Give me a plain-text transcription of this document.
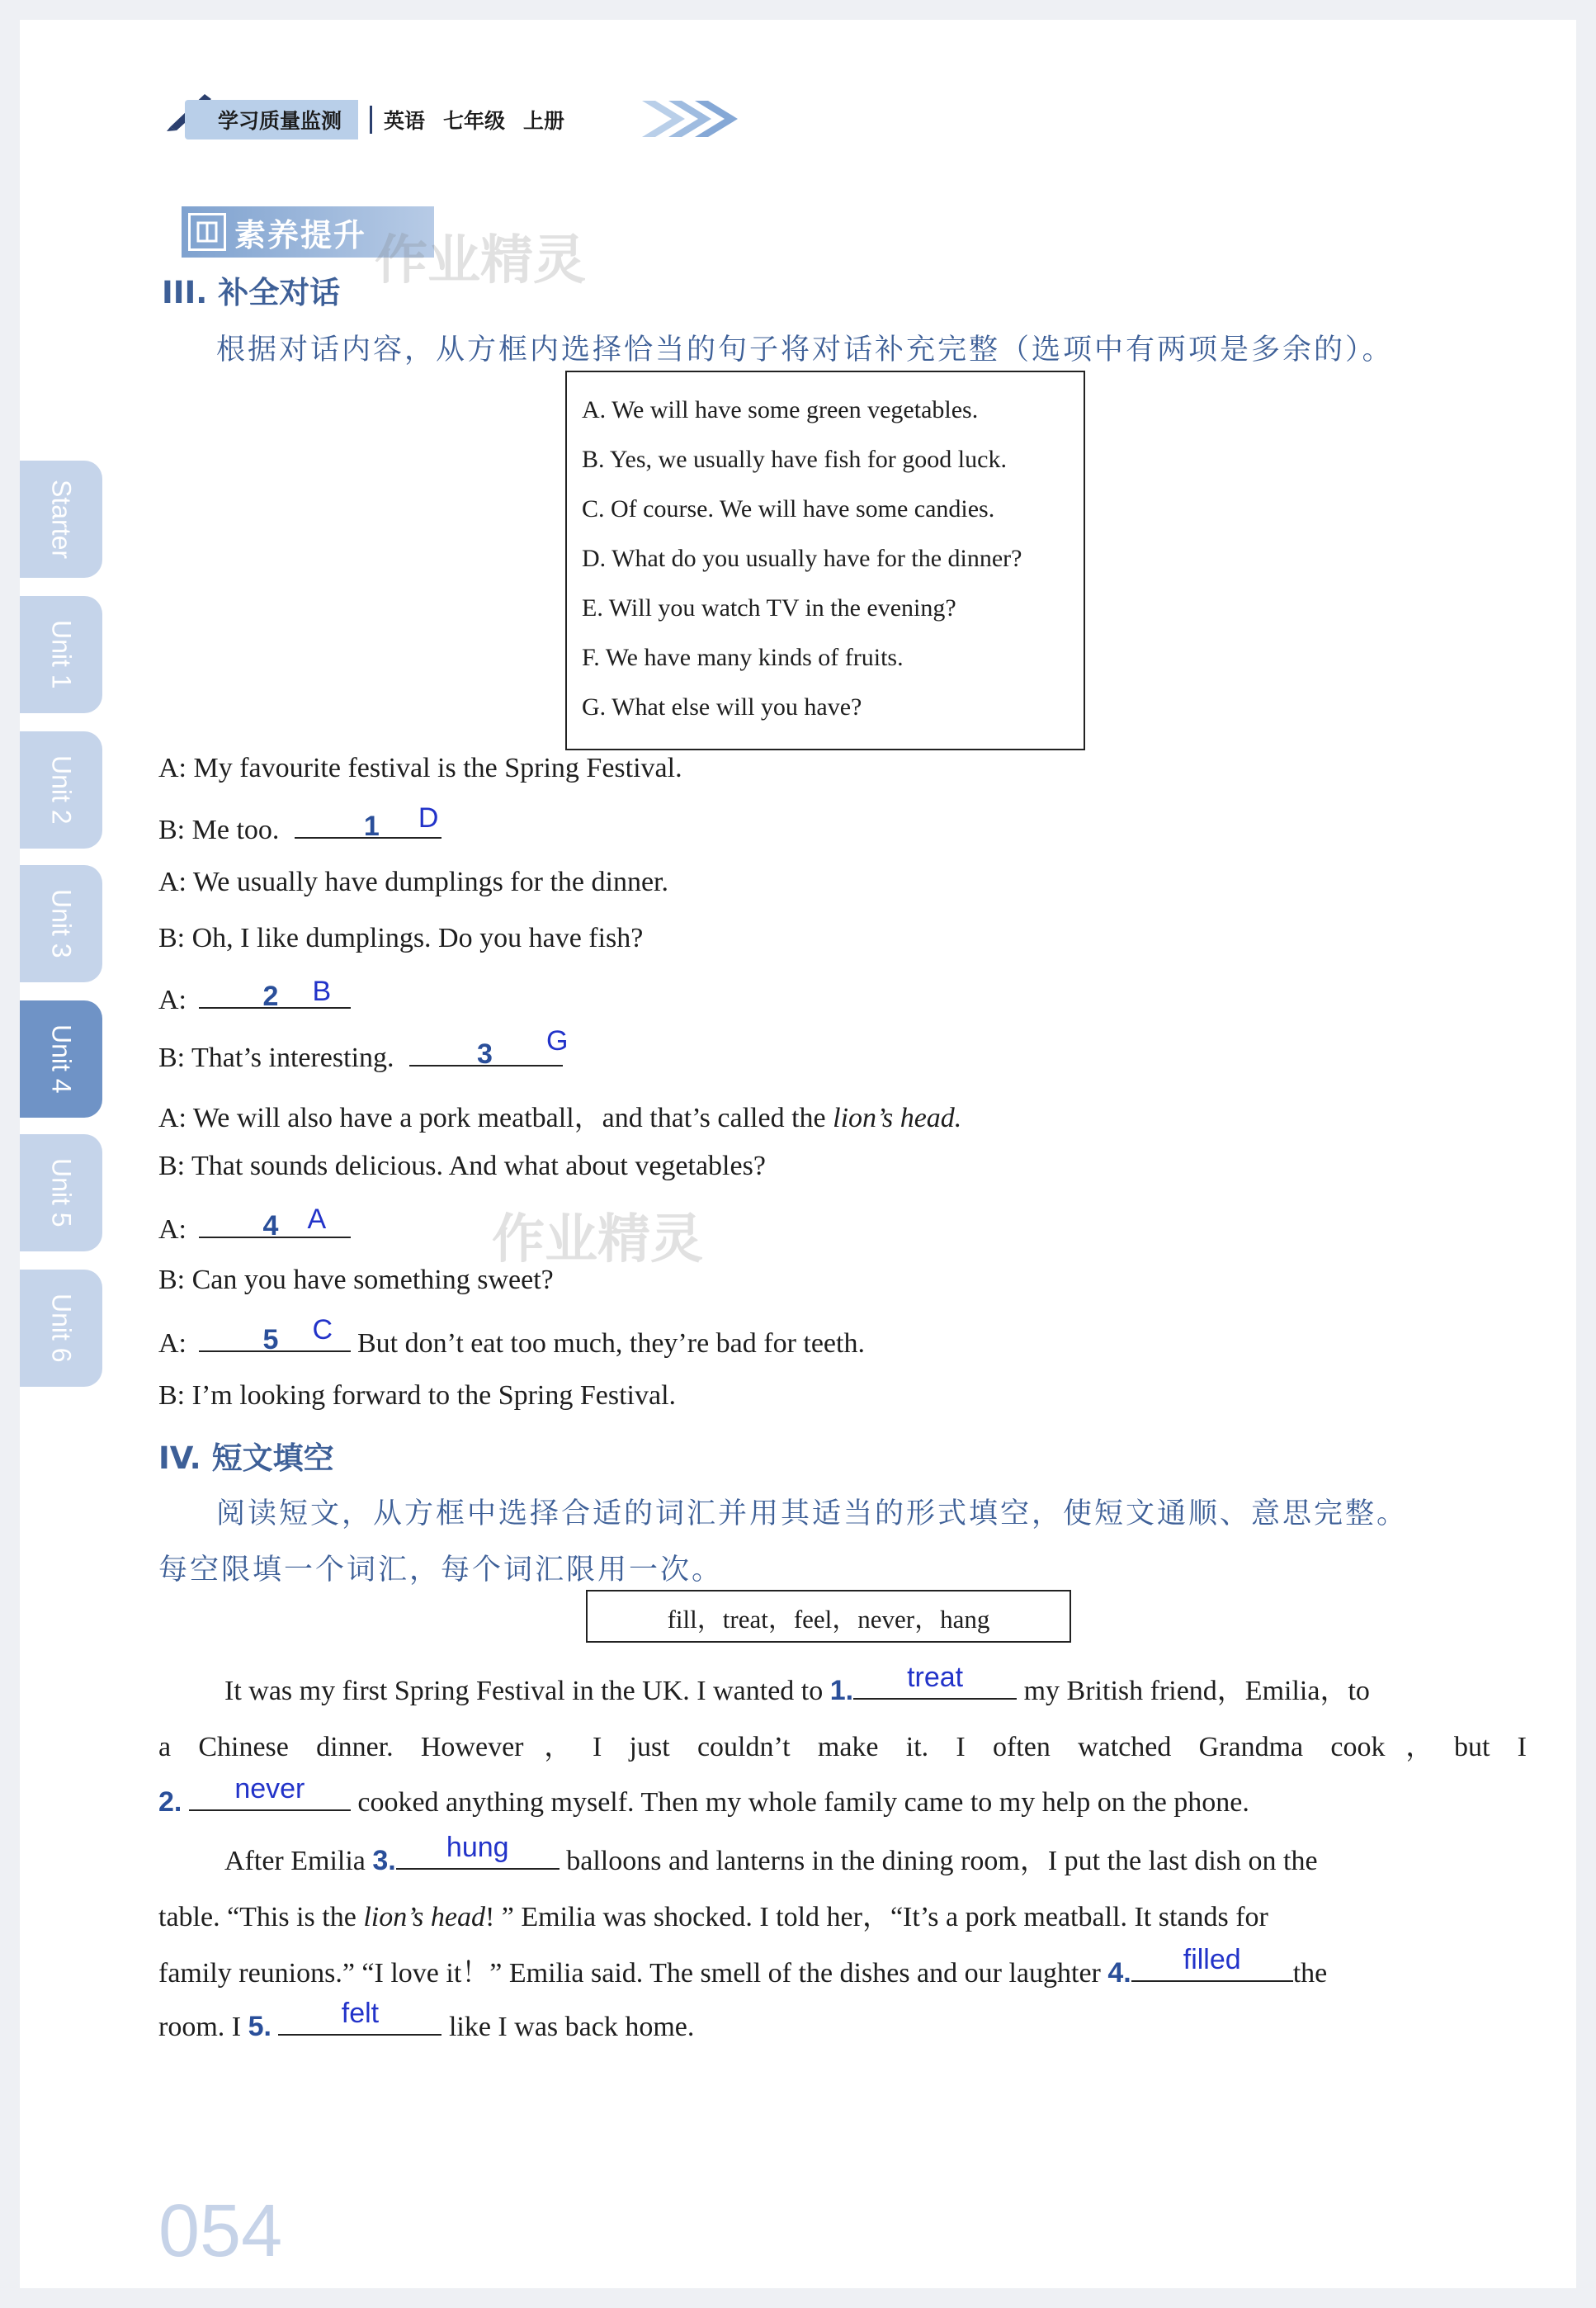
学习质量监测	英语 七年级 上册
素养提升 作业精灵
III. 补全对话
根据对话内容，从方框内选择恰当的句子将对话补充完整（选项中有两项是多余的）。
A. We will have some green vegetables.
B. Yes, we usually have fish for good luck.
C. Of course. We will have some candies.
D. What do you usually have for the dinner?
E. Will you watch TV in the evening?
F. We have many kinds of fruits.
G. What else will you have?
A: My favourite festival is the Spring Festival.
B: Me too.	1 D
A: We usually have dumplings for the dinner.
B: Oh, I like dumplings. Do you have fish?
A:	2 B
B: That’s interesting.	3 G
A: We will also have a pork meatball，and that’s called the lion’s head.
B: That sounds delicious. And what about vegetables?
作业精灵
A:	4 A
B: Can you have something sweet?
A:	5 C But don’t eat too much, they’re bad for teeth.
B: I’m looking forward to the Spring Festival.
IV. 短文填空
阅读短文，从方框中选择合适的词汇并用其适当的形式填空，使短文通顺、意思完整。
每空限填一个词汇，每个词汇限用一次。
fill，treat，feel，never，hang
It was my first Spring Festival in the UK. I wanted to 1.	treat	my British friend，Emilia，to
a Chinese dinner. However，I just couldn’t make it. I often watched Grandma cook，but I
2.	never	cooked anything myself. Then my whole family came to my help on the phone.
After Emilia 3.	hung	balloons and lanterns in the dining room，I put the last dish on the
table. “This is the lion’s head! ” Emilia was shocked. I told her，“It’s a pork meatball. It stands for
family reunions.” “I love it！” Emilia said. The smell of the dishes and our laughter 4.	filled	the
room. I 5.	felt	like I was back home.
Starter
Unit 1
Unit 2
Unit 3
Unit 4
Unit 5
Unit 6
054
